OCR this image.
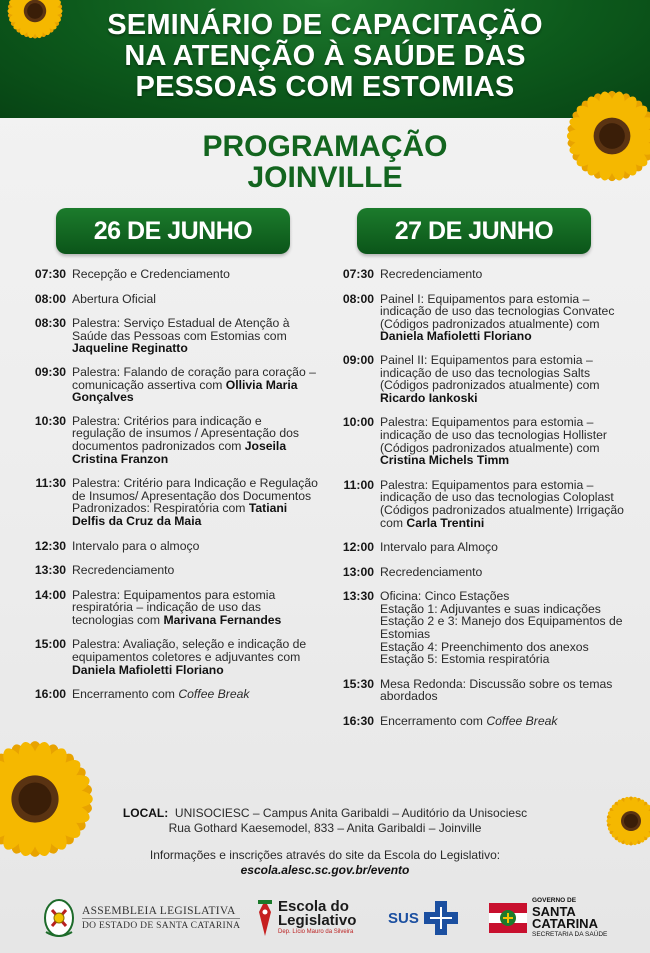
SEMINÁRIO DE CAPACITAÇÃO
NA ATENÇÃO À SAÚDE DAS
PESSOAS COM ESTOMIAS
PROGRAMAÇÃO
JOINVILLE
26 DE JUNHO	27 DE JUNHO
07:30 Recepção e Credenciamento
08:00 Abertura Oficial
08:30 Palestra: Serviço Estadual de Atenção à Saúde das Pessoas com Estomias com Jaqueline Reginatto
09:30 Palestra: Falando de coração para coração – comunicação assertiva com Ollivia Maria Gonçalves
10:30 Palestra: Critérios para indicação e regulação de insumos / Apresentação dos documentos padronizados com Joseila Cristina Franzon
11:30 Palestra: Critério para Indicação e Regulação de Insumos/ Apresentação dos Documentos Padronizados: Respiratória com Tatiani Delfis da Cruz da Maia
12:30 Intervalo para o almoço
13:30 Recredenciamento
14:00 Palestra: Equipamentos para estomia respiratória – indicação de uso das tecnologias com Marivana Fernandes
15:00 Palestra: Avaliação, seleção e indicação de equipamentos coletores e adjuvantes com Daniela Mafioletti Floriano
16:00 Encerramento com Coffee Break
07:30 Recredenciamento
08:00 Painel I: Equipamentos para estomia – indicação de uso das tecnologias Convatec (Códigos padronizados atualmente) com Daniela Mafioletti Floriano
09:00 Painel II: Equipamentos para estomia – indicação de uso das tecnologias Salts (Códigos padronizados atualmente) com Ricardo Iankoski
10:00 Palestra: Equipamentos para estomia – indicação de uso das tecnologias Hollister (Códigos padronizados atualmente) com Cristina Michels Timm
11:00 Palestra: Equipamentos para estomia – indicação de uso das tecnologias Coloplast (Códigos padronizados atualmente) Irrigação com Carla Trentini
12:00 Intervalo para Almoço
13:00 Recredenciamento
13:30 Oficina: Cinco Estações
Estação 1: Adjuvantes e suas indicações
Estação 2 e 3: Manejo dos Equipamentos de Estomias
Estação 4: Preenchimento dos anexos
Estação 5: Estomia respiratória
15:30 Mesa Redonda: Discussão sobre os temas abordados
16:30 Encerramento com Coffee Break
LOCAL: UNISOCIESC – Campus Anita Garibaldi – Auditório da Unisociesc
Rua Gothard Kaesemodel, 833 – Anita Garibaldi – Joinville
Informações e inscrições através do site da Escola do Legislativo:
escola.alesc.sc.gov.br/evento
ASSEMBLEIA LEGISLATIVA
DO ESTADO DE SANTA CATARINA
Escola do
Legislativo
Dep. Lício Mauro da Silveira
SUS
GOVERNO DE
SANTA
CATARINA
SECRETARIA DA SAÚDE
